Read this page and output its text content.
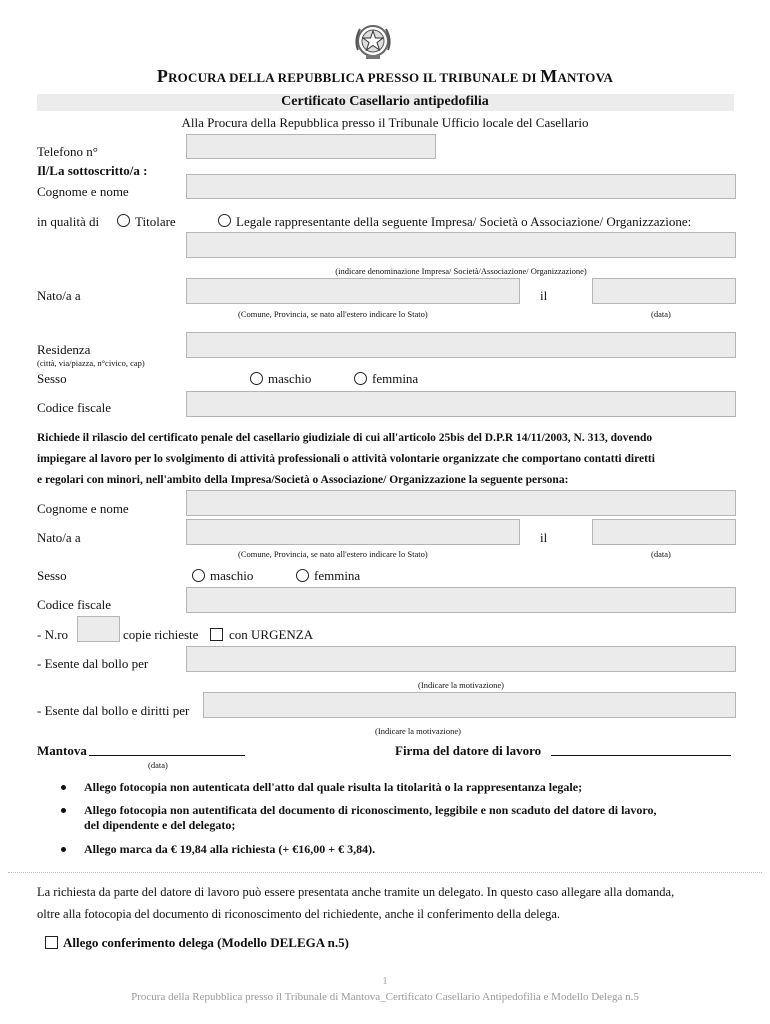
PROCURA DELLA REPUBBLICA PRESSO IL TRIBUNALE DI MANTOVA
Certificato Casellario antipedofilia
Alla Procura della Repubblica presso il Tribunale Ufficio locale del Casellario
Telefono n°
Il/La sottoscritto/a :
Cognome e nome
in qualità di	Titolare	Legale rappresentante della seguente Impresa/ Società o Associazione/ Organizzazione:
(indicare denominazione Impresa/ Società/Associazione/ Organizzazione)
Nato/a a	il
(Comune, Provincia, se nato all'estero indicare lo Stato)	(data)
Residenza
(città, via/piazza, n°civico, cap)
Sesso	maschio	femmina
Codice fiscale
Richiede il rilascio del certificato penale del casellario giudiziale di cui all'articolo 25bis del D.P.R 14/11/2003, N. 313, dovendo
impiegare al lavoro per lo svolgimento di attività professionali o attività volontarie organizzate che comportano contatti diretti
e regolari con minori, nell'ambito della Impresa/Società o Associazione/ Organizzazione la seguente persona:
Cognome e nome
Nato/a a	il
(Comune, Provincia, se nato all'estero indicare lo Stato)	(data)
Sesso	maschio	femmina
Codice fiscale
- N.ro	copie richieste con URGENZA
- Esente dal bollo per
(Indicare la motivazione)
- Esente dal bollo e diritti per
(Indicare la motivazione)
Mantova
(data)
Firma del datore di lavoro
Allego fotocopia non autenticata dell'atto dal quale risulta la titolarità o la rappresentanza legale;
Allego fotocopia non autentificata del documento di riconoscimento, leggibile e non scaduto del datore di lavoro,
del dipendente e del delegato;
Allego marca da € 19,84 alla richiesta (+ €16,00 + € 3,84).
La richiesta da parte del datore di lavoro può essere presentata anche tramite un delegato. In questo caso allegare alla domanda,
oltre alla fotocopia del documento di riconoscimento del richiedente, anche il conferimento della delega.
Allego conferimento delega (Modello DELEGA n.5)
1
Procura della Repubblica presso il Tribunale di Mantova_Certificato Casellario Antipedofilia e Modello Delega n.5
